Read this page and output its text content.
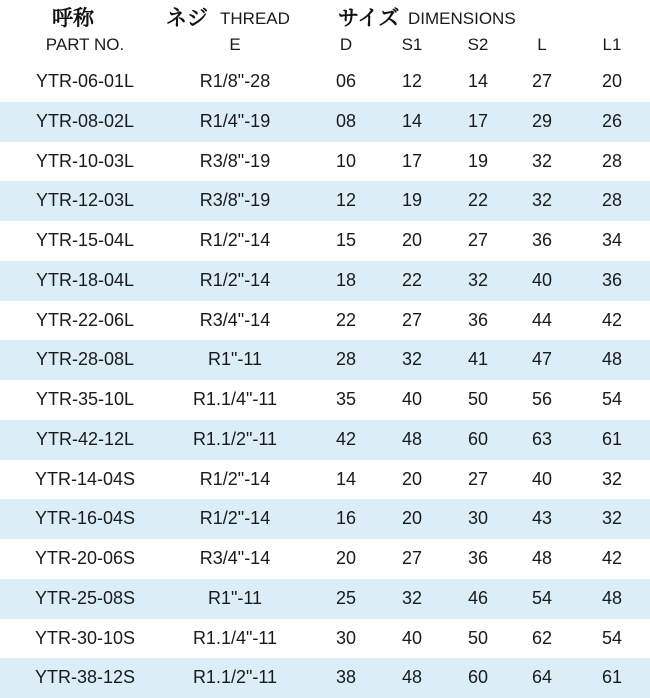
呼称	ネジ THREAD サイズ DIMENSIONS
PART NO.	E	D	S1	S2	L	L1
YTR-06-01L	R1/8"-28	06	12	14	27	20
YTR-08-02L	R1/4"-19	08	14	17	29	26
YTR-10-03L	R3/8"-19	10	17	19	32	28
YTR-12-03L	R3/8"-19	12	19	22	32	28
YTR-15-04L	R1/2"-14	15	20	27	36	34
YTR-18-04L	R1/2"-14	18	22	32	40	36
YTR-22-06L	R3/4"-14	22	27	36	44	42
YTR-28-08L	R1"-11	28	32	41	47	48
YTR-35-10L	R1.1/4"-11	35	40	50	56	54
YTR-42-12L	R1.1/2"-11	42	48	60	63	61
YTR-14-04S	R1/2"-14	14	20	27	40	32
YTR-16-04S	R1/2"-14	16	20	30	43	32
YTR-20-06S	R3/4"-14	20	27	36	48	42
YTR-25-08S	R1"-11	25	32	46	54	48
YTR-30-10S	R1.1/4"-11	30	40	50	62	54
YTR-38-12S	R1.1/2"-11	38	48	60	64	61
